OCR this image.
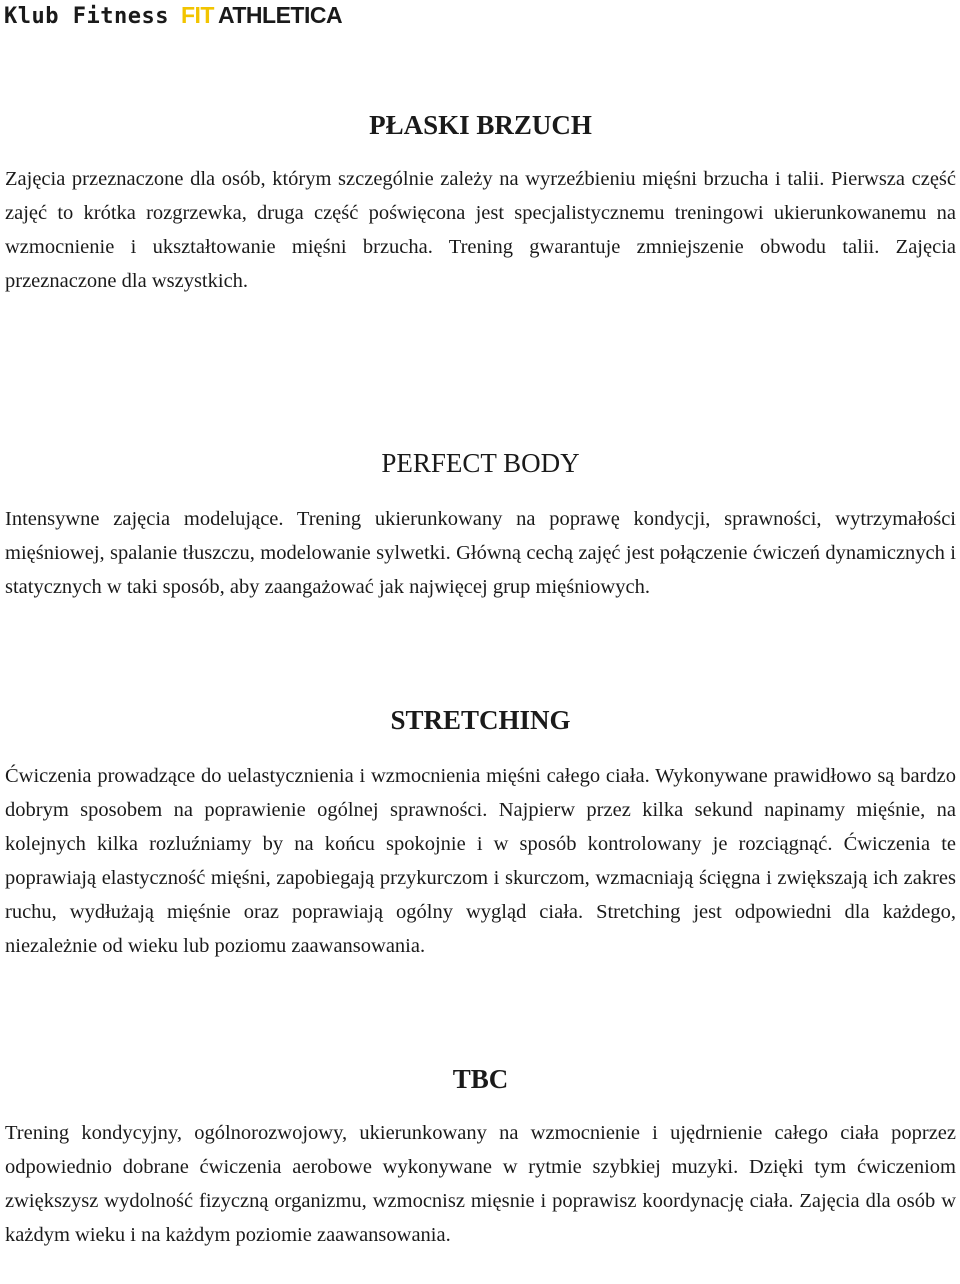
Klub Fitness FIT ATHLETICA
PŁASKI BRZUCH

Zajęcia przeznaczone dla osób, którym szczególnie zależy na wyrzeźbieniu mięśni brzucha i talii. Pierwsza część zajęć to krótka rozgrzewka, druga część poświęcona jest specjalistycznemu treningowi ukierunkowanemu na wzmocnienie i ukształtowanie mięśni brzucha. Trening gwarantuje zmniejszenie obwodu talii. Zajęcia przeznaczone dla wszystkich.

PERFECT BODY

Intensywne zajęcia modelujące. Trening ukierunkowany na poprawę kondycji, sprawności, wytrzymałości mięśniowej, spalanie tłuszczu, modelowanie sylwetki. Główną cechą zajęć jest połączenie ćwiczeń dynamicznych i statycznych w taki sposób, aby zaangażować jak najwięcej grup mięśniowych.

STRETCHING

Ćwiczenia prowadzące do uelastycznienia i wzmocnienia mięśni całego ciała. Wykonywane prawidłowo są bardzo dobrym sposobem na poprawienie ogólnej sprawności. Najpierw przez kilka sekund napinamy mięśnie, na kolejnych kilka rozluźniamy by na końcu spokojnie i w sposób kontrolowany je rozciągnąć. Ćwiczenia te poprawiają elastyczność mięśni, zapobiegają przykurczom i skurczom, wzmacniają ścięgna i zwiększają ich zakres ruchu, wydłużają mięśnie oraz poprawiają ogólny wygląd ciała. Stretching jest odpowiedni dla każdego, niezależnie od wieku lub poziomu zaawansowania.

TBC

Trening kondycyjny, ogólnorozwojowy, ukierunkowany na wzmocnienie i ujędrnienie całego ciała poprzez odpowiednio dobrane ćwiczenia aerobowe wykonywane w rytmie szybkiej muzyki. Dzięki tym ćwiczeniom zwiększysz wydolność fizyczną organizmu, wzmocnisz mięsnie i poprawisz koordynację ciała. Zajęcia dla osób w każdym wieku i na każdym poziomie zaawansowania.
